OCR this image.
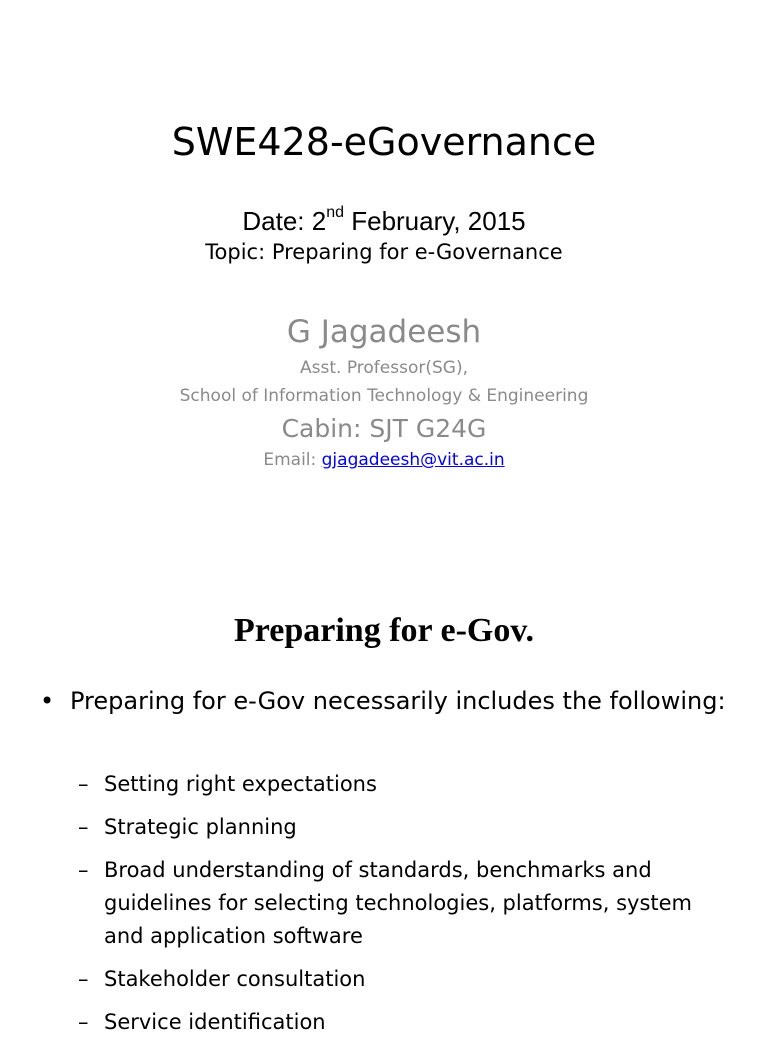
SWE428-eGovernance
Date: 2nd February, 2015
Topic: Preparing for e-Governance
G Jagadeesh
Asst. Professor(SG),
School of Information Technology & Engineering
Cabin: SJT G24G
Email: gjagadeesh@vit.ac.in
Preparing for e-Gov.
• Preparing for e-Gov necessarily includes the following:
– Setting right expectations
– Strategic planning
– Broad understanding of standards, benchmarks and guidelines for selecting technologies, platforms, system and application software
– Stakeholder consultation
– Service identification
